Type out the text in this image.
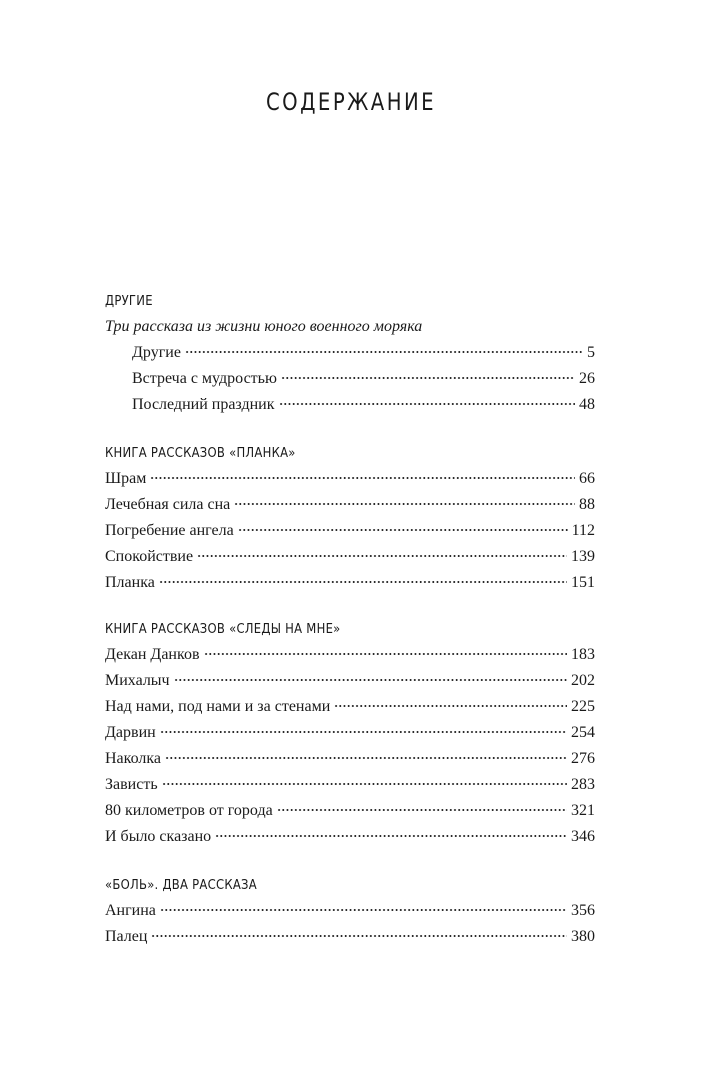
СОДЕРЖАНИЕ
ДРУГИЕ
Три рассказа из жизни юного военного моряка
Другие	5
Встреча с мудростью	26
Последний праздник	48
КНИГА РАССКАЗОВ «ПЛАНКА»
Шрам	66
Лечебная сила сна	88
Погребение ангела	112
Спокойствие	139
Планка	151
КНИГА РАССКАЗОВ «СЛЕДЫ НА МНЕ»
Декан Данков	183
Михалыч	202
Над нами, под нами и за стенами	225
Дарвин	254
Наколка	276
Зависть	283
80 километров от города	321
И было сказано	346
«БОЛЬ». ДВА РАССКАЗА
Ангина	356
Палец	380
